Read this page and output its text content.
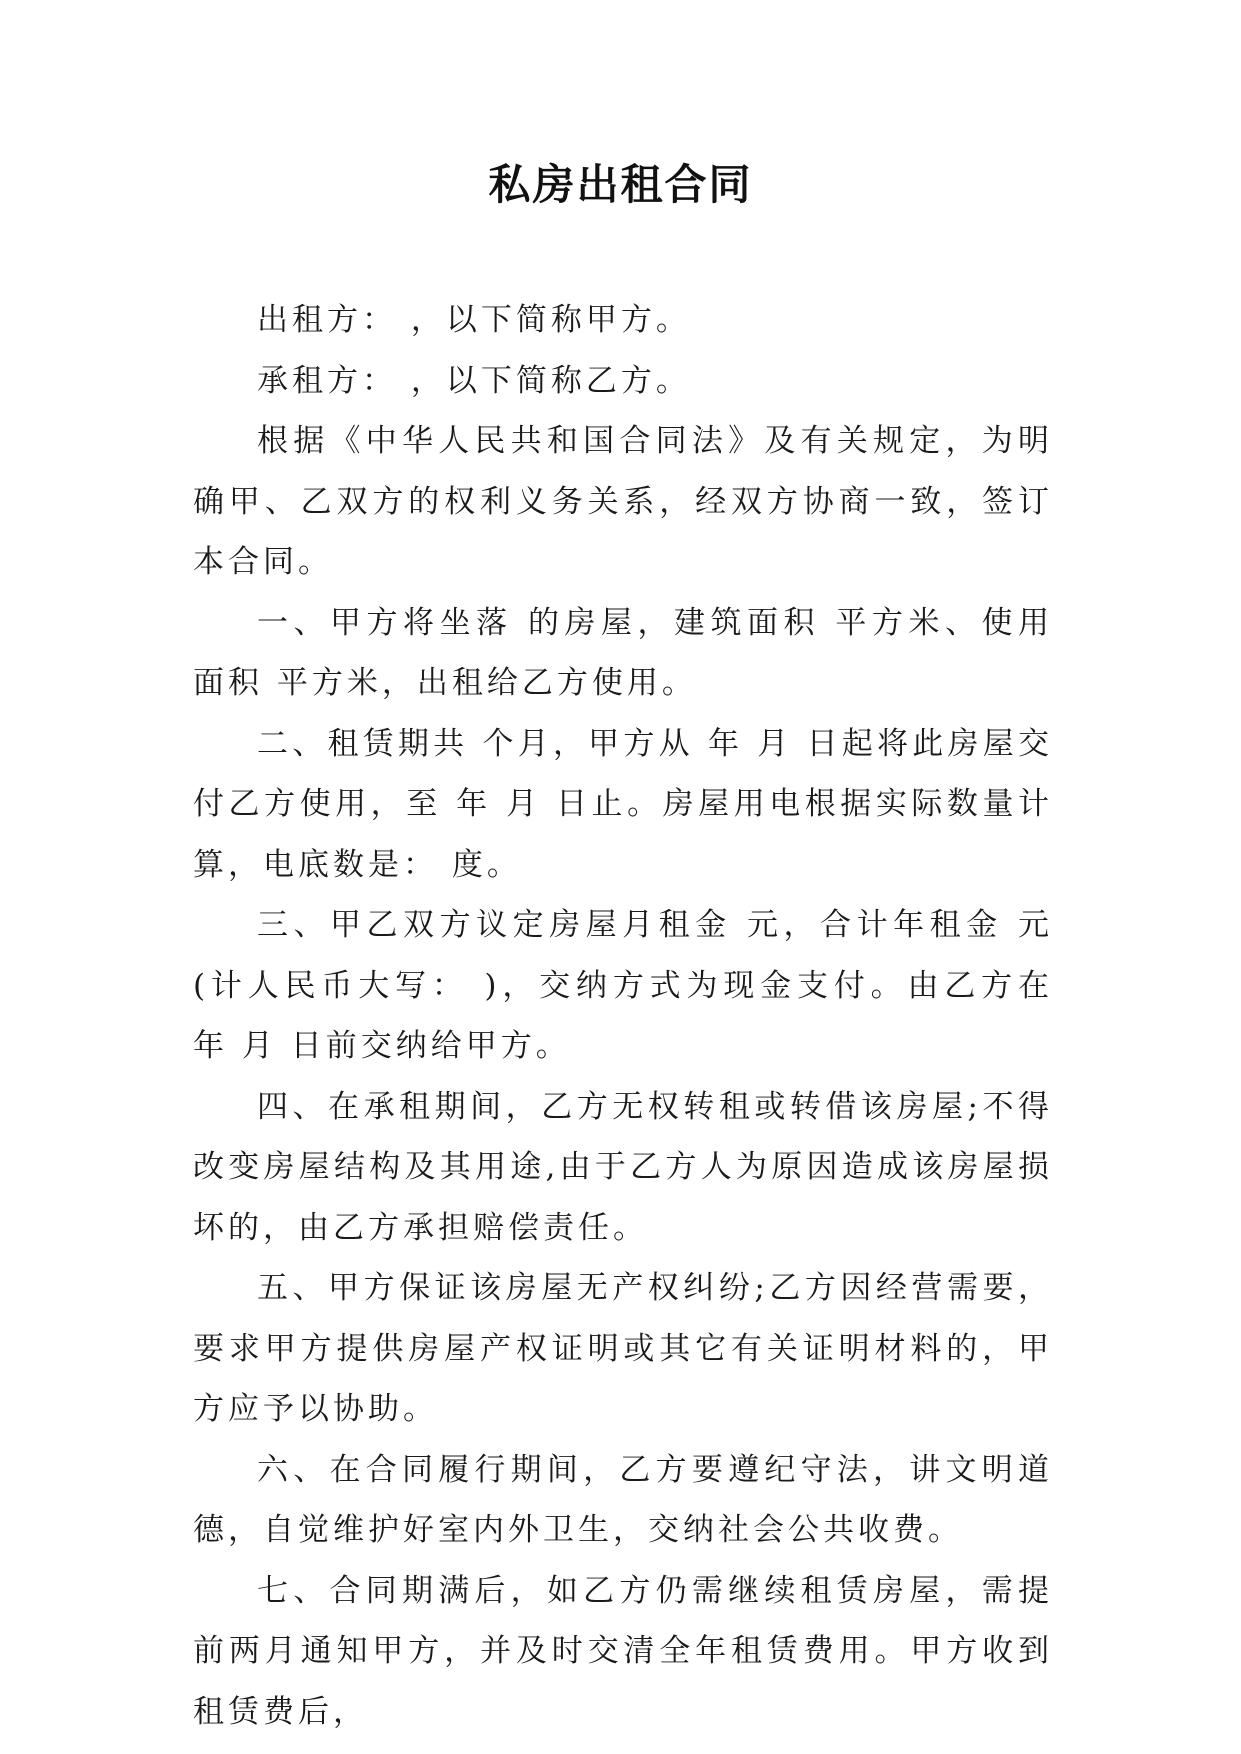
私房出租合同

出租方： ，以下简称甲方。

承租方： ，以下简称乙方。

根据《中华人民共和国合同法》及有关规定，为明确甲、乙双方的权利义务关系，经双方协商一致，签订本合同。

一、甲方将坐落 的房屋，建筑面积 平方米、使用面积 平方米，出租给乙方使用。

二、租赁期共 个月，甲方从 年 月 日起将此房屋交付乙方使用，至 年 月 日止。房屋用电根据实际数量计算，电底数是： 度。

三、甲乙双方议定房屋月租金 元，合计年租金 元(计人民币大写： )，交纳方式为现金支付。由乙方在 年 月 日前交纳给甲方。

四、在承租期间，乙方无权转租或转借该房屋;不得改变房屋结构及其用途,由于乙方人为原因造成该房屋损坏的，由乙方承担赔偿责任。

五、甲方保证该房屋无产权纠纷;乙方因经营需要，要求甲方提供房屋产权证明或其它有关证明材料的，甲方应予以协助。

六、在合同履行期间，乙方要遵纪守法，讲文明道德，自觉维护好室内外卫生，交纳社会公共收费。

七、合同期满后，如乙方仍需继续租赁房屋，需提前两月通知甲方，并及时交清全年租赁费用。甲方收到租赁费后，
